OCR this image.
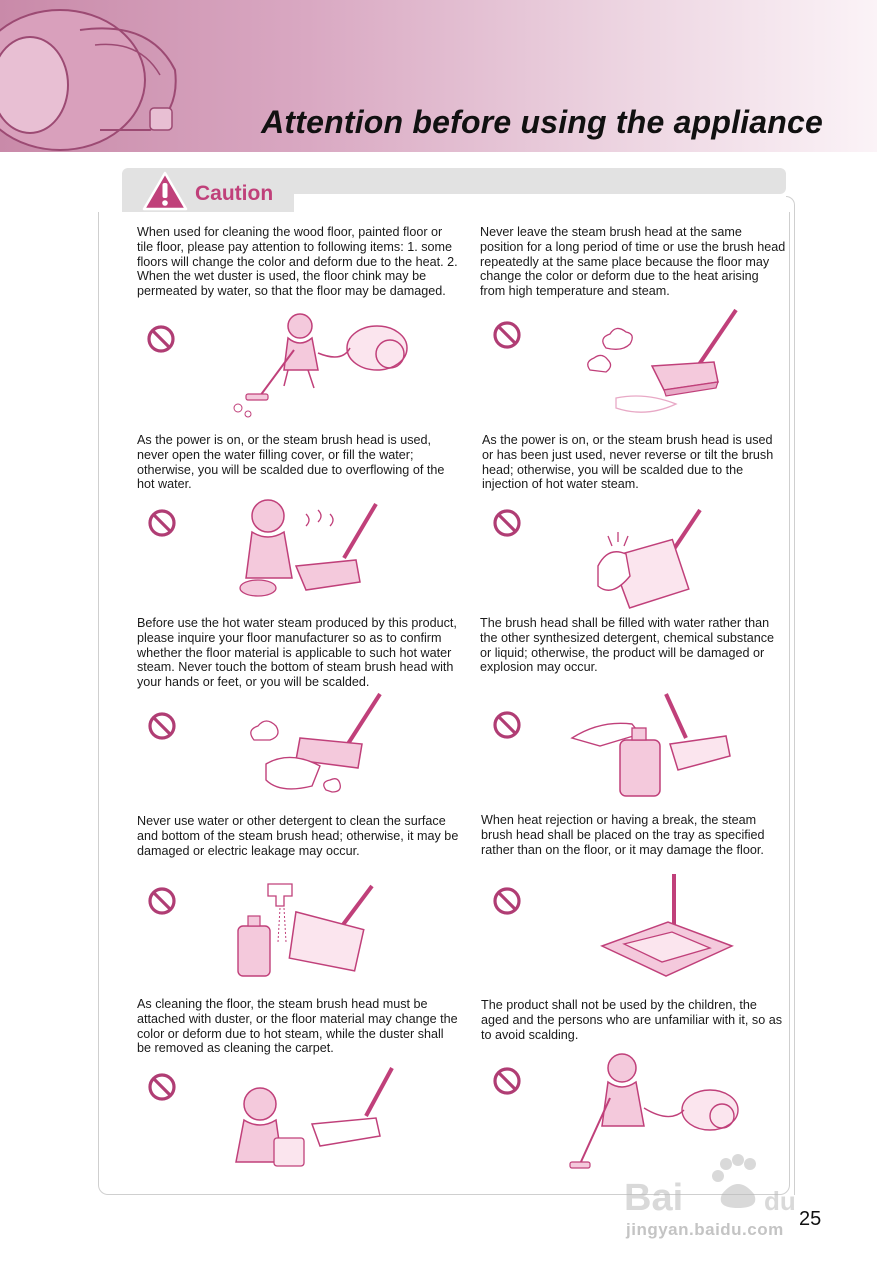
Attention before using the appliance
Caution

When used for cleaning the wood floor, painted floor or tile floor, please pay attention to following items: 1. some floors will change the color and deform due to the heat. 2. When the wet duster is used, the floor chink may be permeated by water, so that the floor may be damaged.

Never leave the steam brush head at the same position for a long period of time or use the brush head repeatedly at the same place because the floor may change the color or deform due to the heat arising from high temperature and steam.

As the power is on, or the steam brush head is used, never open the water filling cover, or fill the water; otherwise, you will be scalded due to overflowing of the hot water.

As the power is on, or the steam brush head is used or has been just used, never reverse or tilt the brush head; otherwise, you will be scalded due to the injection of hot water steam.

Before use the hot water steam produced by this product, please inquire your floor manufacturer so as to confirm whether the floor material is applicable to such hot water steam. Never touch the bottom of steam brush head with your hands or feet, or you will be scalded.

The brush head shall be filled with water rather than the other synthesized detergent, chemical substance or liquid; otherwise, the product will be damaged or explosion may occur.

Never use water or other detergent to clean the surface and bottom of the steam brush head; otherwise, it may be damaged or electric leakage may occur.

When heat rejection or having a break, the steam brush head shall be placed on the tray as specified rather than on the floor, or it may damage the floor.

As cleaning the floor, the steam brush head must be attached with duster, or the floor material may change the color or deform due to hot steam, while the duster shall be removed as cleaning the carpet.

The product shall not be used by the children, the aged and the persons who are unfamiliar with it, so as to avoid scalding.

Bai	du
jingyan.baidu.com 25
